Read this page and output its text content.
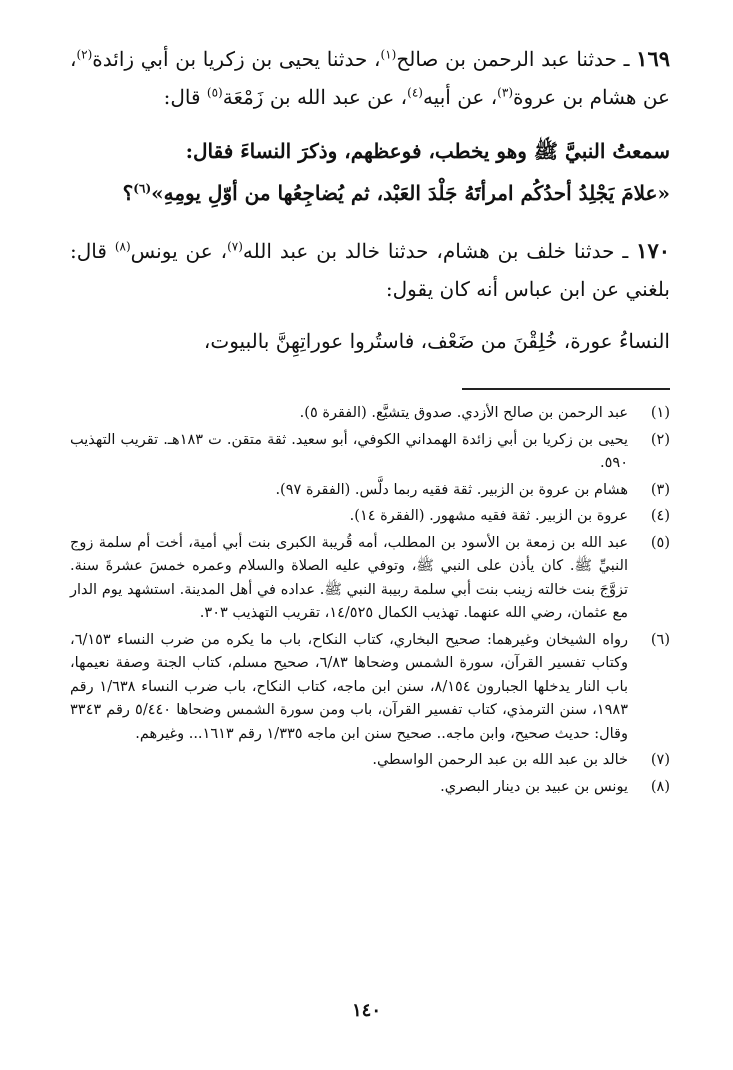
١٦٩ ـ حدثنا عبد الرحمن بن صالح$^{(١)}$، حدثنا يحيى بن زكريا بن أبي زائدة$^{(٢)}$، عن هشام بن عروة$^{(٣)}$، عن أبيه$^{(٤)}$، عن عبد الله بن زَمْعَة$^{(٥)}$ قال:

سمعتُ النبيَّ ﷺ وهو يخطب، فوعظهم، وذكرَ النساءَ فقال:

«علامَ يَجْلِدُ أحدُكُم امرأتَهُ جَلْدَ العَبْد، ثم يُضاجِعُها من أوّلِ يومِهِ»$^{(٦)}$؟

١٧٠ ـ حدثنا خلف بن هشام، حدثنا خالد بن عبد الله$^{(٧)}$، عن يونس$^{(٨)}$ قال: بلغني عن ابن عباس أنه كان يقول:

النساءُ عورة، خُلِقْنَ من ضَعْف، فاستُروا عوراتِهِنَّ بالبيوت،

(١)
عبد الرحمن بن صالح الأزدي. صدوق يتشيَّع. (الفقرة ٥).
(٢)
يحيى بن زكريا بن أبي زائدة الهمداني الكوفي، أبو سعيد. ثقة متقن. ت ١٨٣هـ. تقريب التهذيب ٥٩٠.
(٣)
هشام بن عروة بن الزبير. ثقة فقيه ربما دلَّس. (الفقرة ٩٧).
(٤)
عروة بن الزبير. ثقة فقيه مشهور. (الفقرة ١٤).
(٥)
عبد الله بن زمعة بن الأسود بن المطلب، أمه قُريبة الكبرى بنت أبي أمية، أخت أم سلمة زوج النبيِّ ﷺ. كان يأذن على النبي ﷺ، وتوفي عليه الصلاة والسلام وعمره خمسَ عشرةَ سنة. تزوَّجَ بنت خالته زينب بنت أبي سلمة ربيبة النبي ﷺ. عداده في أهل المدينة. استشهد يوم الدار مع عثمان، رضي الله عنهما. تهذيب الكمال ١٤/٥٢٥، تقريب التهذيب ٣٠٣.
(٦)
رواه الشيخان وغيرهما: صحيح البخاري، كتاب النكاح، باب ما يكره من ضرب النساء ٦/١٥٣، وكتاب تفسير القرآن، سورة الشمس وضحاها ٦/٨٣، صحيح مسلم، كتاب الجنة وصفة نعيمها، باب النار يدخلها الجبارون ٨/١٥٤، سنن ابن ماجه، كتاب النكاح، باب ضرب النساء ١/٦٣٨ رقم ١٩٨٣، سنن الترمذي، كتاب تفسير القرآن، باب ومن سورة الشمس وضحاها ٥/٤٤٠ رقم ٣٣٤٣ وقال: حديث صحيح، وابن ماجه.. صحيح سنن ابن ماجه ١/٣٣٥ رقم ١٦١٣... وغيرهم.
(٧)
خالد بن عبد الله بن عبد الرحمن الواسطي.
(٨)
يونس بن عبيد بن دينار البصري.
١٤٠
